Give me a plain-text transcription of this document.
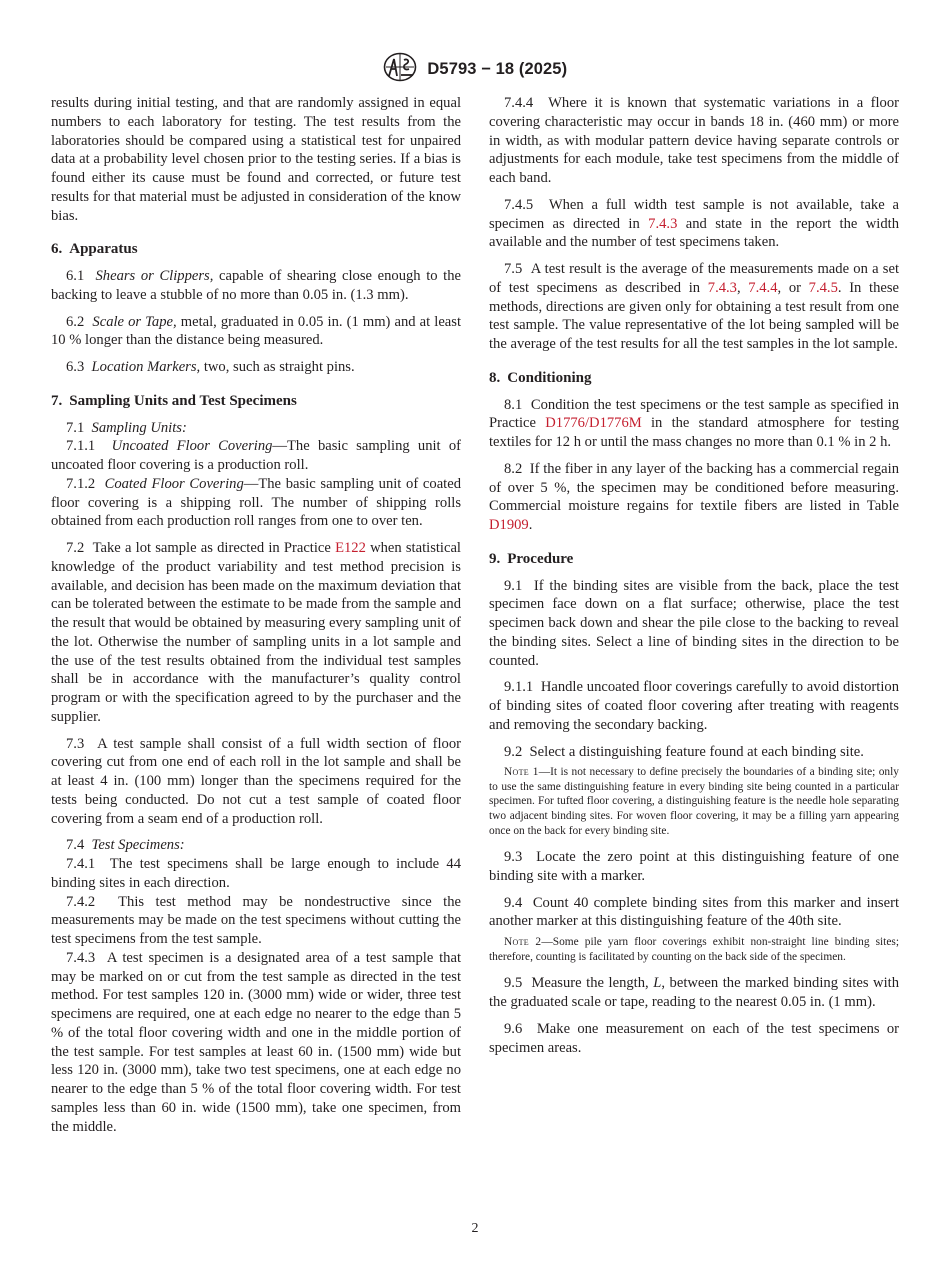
D5793 − 18 (2025)

results during initial testing, and that are randomly assigned in equal numbers to each laboratory for testing. The test results from the laboratories should be compared using a statistical test for unpaired data at a probability level chosen prior to the testing series. If a bias is found either its cause must be found and corrected, or future test results for that material must be adjusted in consideration of the know bias.

6. Apparatus

6.1 Shears or Clippers, capable of shearing close enough to the backing to leave a stubble of no more than 0.05 in. (1.3 mm).

6.2 Scale or Tape, metal, graduated in 0.05 in. (1 mm) and at least 10 % longer than the distance being measured.

6.3 Location Markers, two, such as straight pins.

7. Sampling Units and Test Specimens

7.1 Sampling Units:

7.1.1 Uncoated Floor Covering—The basic sampling unit of uncoated floor covering is a production roll.

7.1.2 Coated Floor Covering—The basic sampling unit of coated floor covering is a shipping roll. The number of shipping rolls obtained from each production roll ranges from one to over ten.

7.2 Take a lot sample as directed in Practice E122 when statistical knowledge of the product variability and test method precision is available, and decision has been made on the maximum deviation that can be tolerated between the estimate to be made from the sample and the result that would be obtained by measuring every sampling unit of the lot. Otherwise the number of sampling units in a lot sample and the use of the test results obtained from the individual test samples shall be in accordance with the manufacturer’s quality control program or with the specification agreed to by the purchaser and the supplier.

7.3 A test sample shall consist of a full width section of floor covering cut from one end of each roll in the lot sample and shall be at least 4 in. (100 mm) longer than the specimens required for the tests being conducted. Do not cut a test sample of coated floor covering from a seam end of a production roll.

7.4 Test Specimens:

7.4.1 The test specimens shall be large enough to include 44 binding sites in each direction.

7.4.2 This test method may be nondestructive since the measurements may be made on the test specimens without cutting the test specimens from the test sample.

7.4.3 A test specimen is a designated area of a test sample that may be marked on or cut from the test sample as directed in the test method. For test samples 120 in. (3000 mm) wide or wider, three test specimens are required, one at each edge no nearer to the edge than 5 % of the total floor covering width and one in the middle portion of the test sample. For test samples at least 60 in. (1500 mm) wide but less 120 in. (3000 mm), take two test specimens, one at each edge no nearer to the edge than 5 % of the total floor covering width. For test samples less than 60 in. wide (1500 mm), take one specimen, from the middle.

7.4.4 Where it is known that systematic variations in a floor covering characteristic may occur in bands 18 in. (460 mm) or more in width, as with modular pattern device having separate controls or adjustments for each module, take test specimens from the middle of each band.

7.4.5 When a full width test sample is not available, take a specimen as directed in 7.4.3 and state in the report the width available and the number of test specimens taken.

7.5 A test result is the average of the measurements made on a set of test specimens as described in 7.4.3, 7.4.4, or 7.4.5. In these methods, directions are given only for obtaining a test result from one test sample. The value representative of the lot being sampled will be the average of the test results for all the test samples in the lot sample.

8. Conditioning

8.1 Condition the test specimens or the test sample as specified in Practice D1776/D1776M in the standard atmosphere for testing textiles for 12 h or until the mass changes no more than 0.1 % in 2 h.

8.2 If the fiber in any layer of the backing has a commercial regain of over 5 %, the specimen may be conditioned before measuring. Commercial moisture regains for textile fibers are listed in Table D1909.

9. Procedure

9.1 If the binding sites are visible from the back, place the test specimen face down on a flat surface; otherwise, place the test specimen back down and shear the pile close to the backing to reveal the binding sites. Select a line of binding sites in the direction to be counted.

9.1.1 Handle uncoated floor coverings carefully to avoid distortion of binding sites of coated floor covering after treating with reagents and removing the secondary backing.

9.2 Select a distinguishing feature found at each binding site.

Note 1—It is not necessary to define precisely the boundaries of a binding site; only to use the same distinguishing feature in every binding site being counted in a particular specimen. For tufted floor covering, a distinguishing feature is the needle hole separating two adjacent binding sites. For woven floor covering, it may be a filling yarn appearing once on the back for every binding site.

9.3 Locate the zero point at this distinguishing feature of one binding site with a marker.

9.4 Count 40 complete binding sites from this marker and insert another marker at this distinguishing feature of the 40th site.

Note 2—Some pile yarn floor coverings exhibit non-straight line binding sites; therefore, counting is facilitated by counting on the back side of the specimen.

9.5 Measure the length, L, between the marked binding sites with the graduated scale or tape, reading to the nearest 0.05 in. (1 mm).

9.6 Make one measurement on each of the test specimens or specimen areas.

2
